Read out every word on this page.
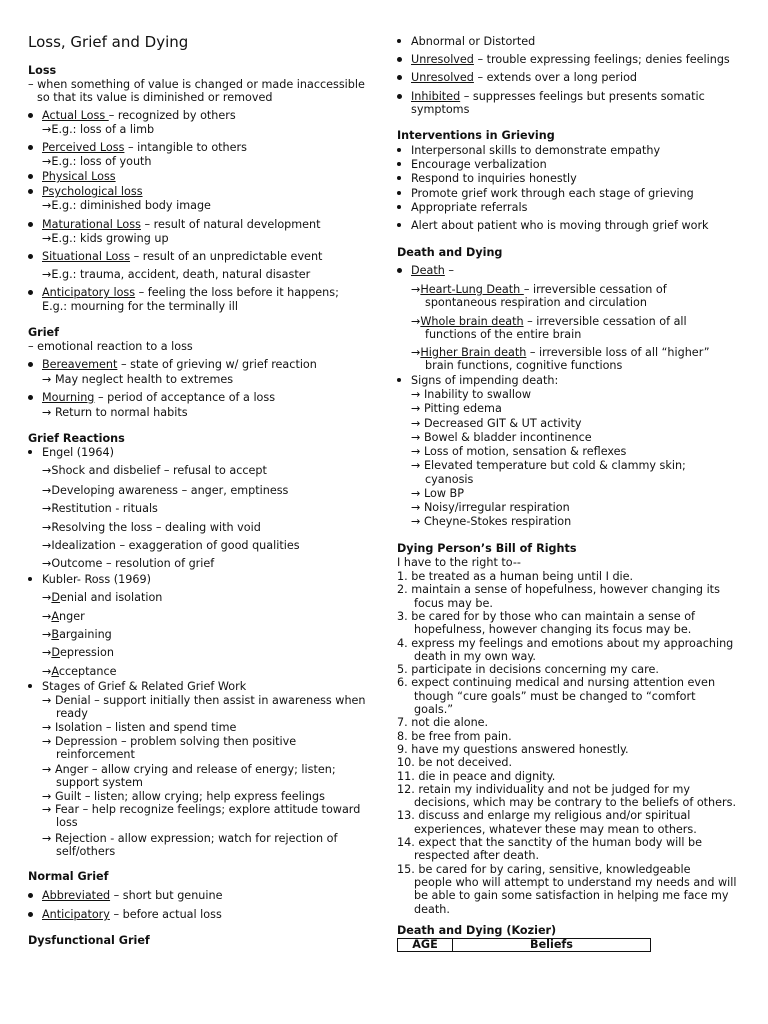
Loss, Grief and Dying
Loss
– when something of value is changed or made inaccessible
so that its value is diminished or removed
Actual Loss – recognized by others
→E.g.: loss of a limb
Perceived Loss – intangible to others
→E.g.: loss of youth
Physical Loss
Psychological loss
→E.g.: diminished body image
Maturational Loss – result of natural development
→E.g.: kids growing up
Situational Loss – result of an unpredictable event
→E.g.: trauma, accident, death, natural disaster
Anticipatory loss – feeling the loss before it happens;
E.g.: mourning for the terminally ill
Grief
– emotional reaction to a loss
Bereavement – state of grieving w/ grief reaction
→ May neglect health to extremes
Mourning – period of acceptance of a loss
→ Return to normal habits
Grief Reactions
Engel (1964)
→Shock and disbelief – refusal to accept
→Developing awareness – anger, emptiness
→Restitution - rituals
→Resolving the loss – dealing with void
→Idealization – exaggeration of good qualities
→Outcome – resolution of grief
Kubler- Ross (1969)
→Denial and isolation
→Anger
→Bargaining
→Depression
→Acceptance
Stages of Grief & Related Grief Work
→ Denial – support initially then assist in awareness when
ready
→ Isolation – listen and spend time
→ Depression – problem solving then positive
reinforcement
→ Anger – allow crying and release of energy; listen;
support system
→ Guilt – listen; allow crying; help express feelings
→ Fear – help recognize feelings; explore attitude toward
loss
→ Rejection - allow expression; watch for rejection of
self/others
Normal Grief
Abbreviated – short but genuine
Anticipatory – before actual loss
Dysfunctional Grief
Abnormal or Distorted
Unresolved – trouble expressing feelings; denies feelings
Unresolved – extends over a long period
Inhibited – suppresses feelings but presents somatic
symptoms
Interventions in Grieving
Interpersonal skills to demonstrate empathy
Encourage verbalization
Respond to inquiries honestly
Promote grief work through each stage of grieving
Appropriate referrals
Alert about patient who is moving through grief work
Death and Dying
Death –
→Heart-Lung Death – irreversible cessation of
spontaneous respiration and circulation
→Whole brain death – irreversible cessation of all
functions of the entire brain
→Higher Brain death – irreversible loss of all “higher”
brain functions, cognitive functions
Signs of impending death:
→ Inability to swallow
→ Pitting edema
→ Decreased GIT & UT activity
→ Bowel & bladder incontinence
→ Loss of motion, sensation & reflexes
→ Elevated temperature but cold & clammy skin;
cyanosis
→ Low BP
→ Noisy/irregular respiration
→ Cheyne-Stokes respiration
Dying Person’s Bill of Rights
I have to the right to--
1. be treated as a human being until I die.
2. maintain a sense of hopefulness, however changing its
focus may be.
3. be cared for by those who can maintain a sense of
hopefulness, however changing its focus may be.
4. express my feelings and emotions about my approaching
death in my own way.
5. participate in decisions concerning my care.
6. expect continuing medical and nursing attention even
though “cure goals” must be changed to “comfort
goals.”
7. not die alone.
8. be free from pain.
9. have my questions answered honestly.
10. be not deceived.
11. die in peace and dignity.
12. retain my individuality and not be judged for my
decisions, which may be contrary to the beliefs of others.
13. discuss and enlarge my religious and/or spiritual
experiences, whatever these may mean to others.
14. expect that the sanctity of the human body will be
respected after death.
15. be cared for by caring, sensitive, knowledgeable
people who will attempt to understand my needs and will
be able to gain some satisfaction in helping me face my
death.
Death and Dying (Kozier)
AGE	Beliefs
